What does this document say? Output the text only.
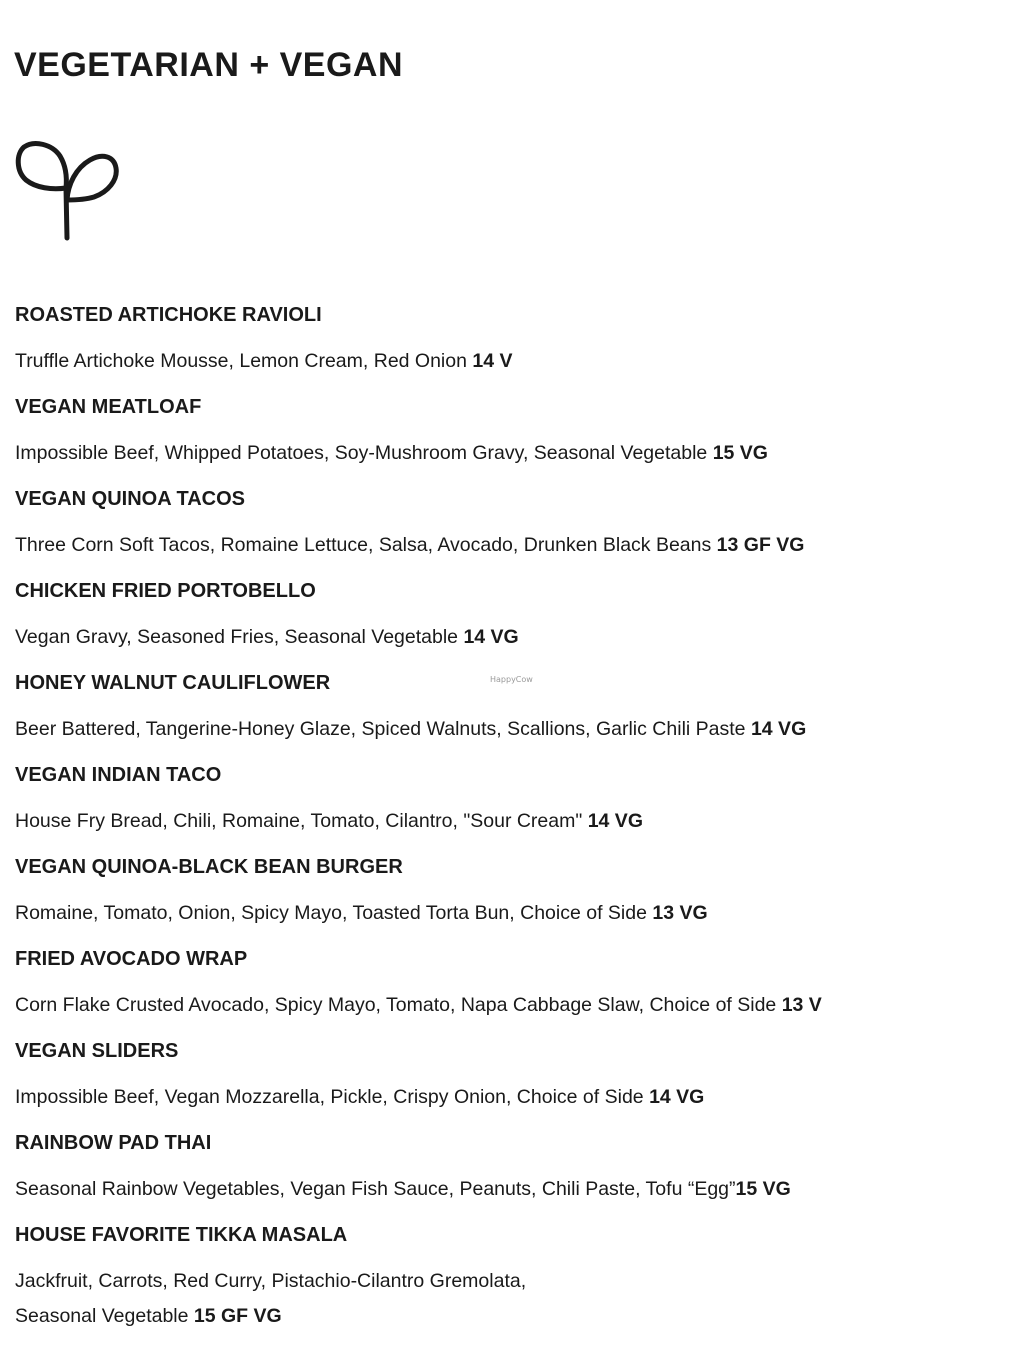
VEGETARIAN + VEGAN
HappyCow
ROASTED ARTICHOKE RAVIOLI
Truffle Artichoke Mousse, Lemon Cream, Red Onion 14 V
VEGAN MEATLOAF
Impossible Beef, Whipped Potatoes, Soy-Mushroom Gravy, Seasonal Vegetable 15 VG
VEGAN QUINOA TACOS
Three Corn Soft Tacos, Romaine Lettuce, Salsa, Avocado, Drunken Black Beans 13 GF VG
CHICKEN FRIED PORTOBELLO
Vegan Gravy, Seasoned Fries, Seasonal Vegetable 14 VG
HONEY WALNUT CAULIFLOWER
Beer Battered, Tangerine-Honey Glaze, Spiced Walnuts, Scallions, Garlic Chili Paste 14 VG
VEGAN INDIAN TACO
House Fry Bread, Chili, Romaine, Tomato, Cilantro, "Sour Cream" 14 VG
VEGAN QUINOA-BLACK BEAN BURGER
Romaine, Tomato, Onion, Spicy Mayo, Toasted Torta Bun, Choice of Side 13 VG
FRIED AVOCADO WRAP
Corn Flake Crusted Avocado, Spicy Mayo, Tomato, Napa Cabbage Slaw, Choice of Side 13 V
VEGAN SLIDERS
Impossible Beef, Vegan Mozzarella, Pickle, Crispy Onion, Choice of Side 14 VG
RAINBOW PAD THAI
Seasonal Rainbow Vegetables, Vegan Fish Sauce, Peanuts, Chili Paste, Tofu “Egg”15 VG
HOUSE FAVORITE TIKKA MASALA
Jackfruit, Carrots, Red Curry, Pistachio-Cilantro Gremolata,
Seasonal Vegetable 15 GF VG
